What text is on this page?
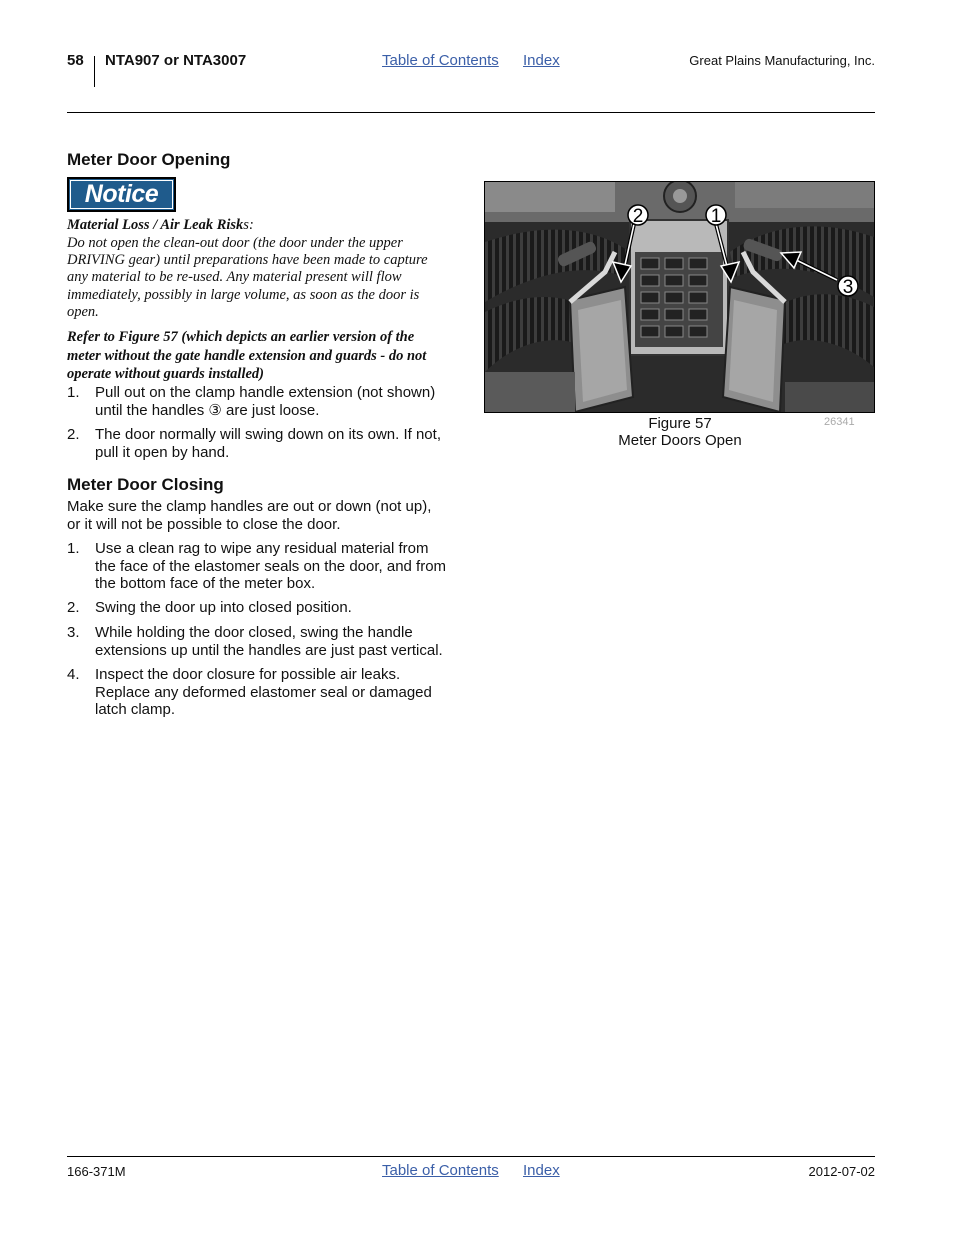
58 NTA907 or NTA3007	Table of Contents Index	Great Plains Manufacturing, Inc.
Meter Door Opening
Notice
Material Loss / Air Leak Risks:
Do not open the clean-out door (the door under the upper
DRIVING gear) until preparations have been made to capture
any material to be re-used. Any material present will flow
immediately, possibly in large volume, as soon as the door is
open.
Refer to Figure 57 (which depicts an earlier version of the
meter without the gate handle extension and guards - do not
operate without guards installed)
1. Pull out on the clamp handle extension (not shown)
until the handles ③ are just loose.
2. The door normally will swing down on its own. If not,
pull it open by hand.
Meter Door Closing
Make sure the clamp handles are out or down (not up),
or it will not be possible to close the door.
1. Use a clean rag to wipe any residual material from
the face of the elastomer seals on the door, and from
the bottom face of the meter box.
2. Swing the door up into closed position.
3. While holding the door closed, swing the handle
extensions up until the handles are just past vertical.
4. Inspect the door closure for possible air leaks.
Replace any deformed elastomer seal or damaged
latch clamp.
2	1
3
Figure 57
Meter Doors Open
26341
166-371M	Table of Contents Index	2012-07-02
